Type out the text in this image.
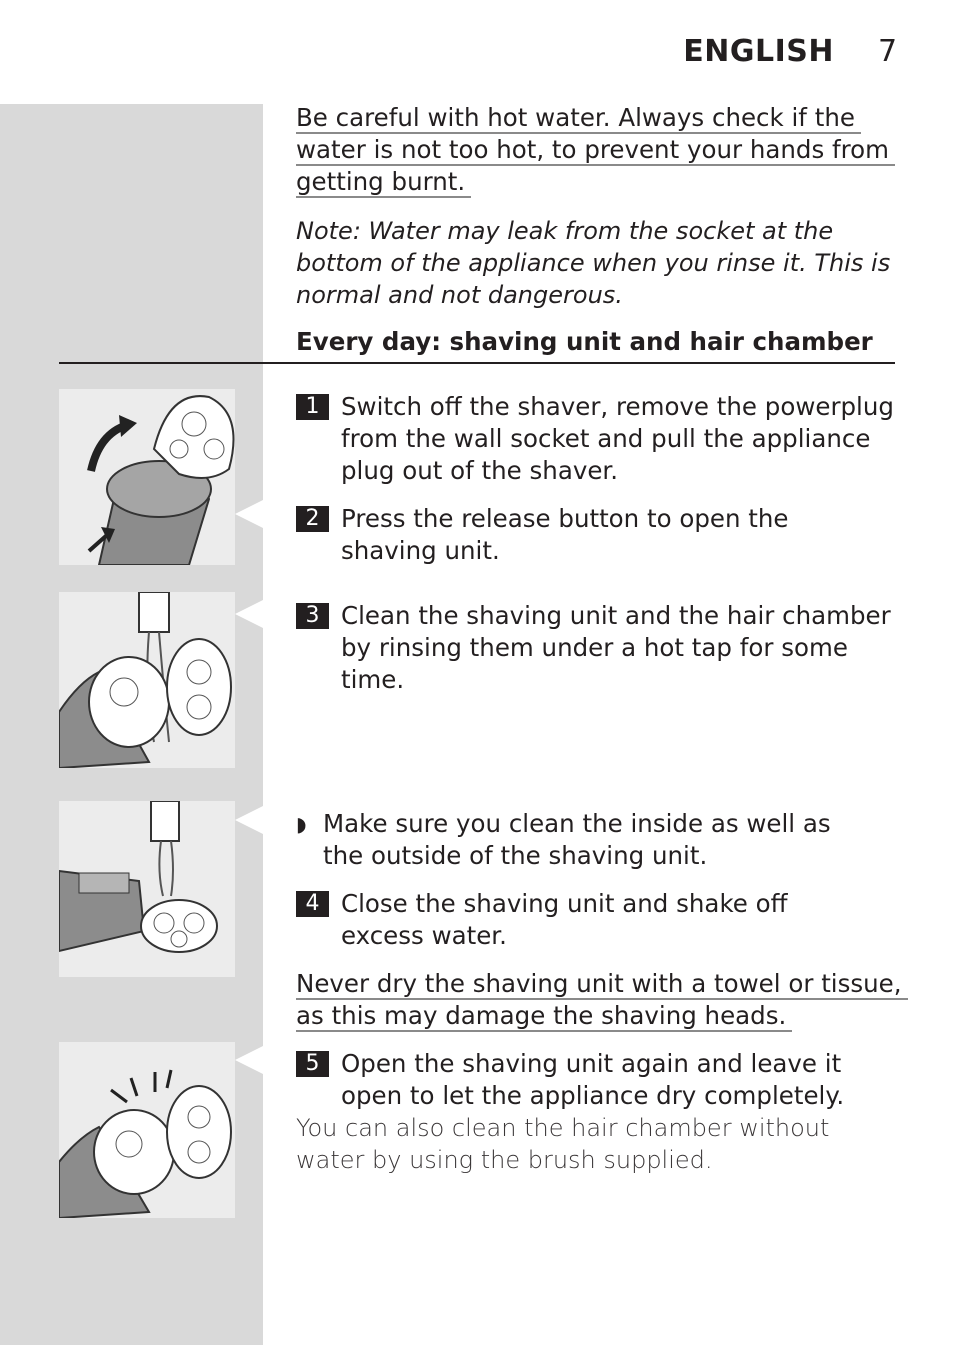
ENGLISH 7
Be careful with hot water. Always check if the
water is not too hot, to prevent your hands from
getting burnt.
Note: Water may leak from the socket at the bottom of the appliance when you rinse it. This is normal and not dangerous.
Every day: shaving unit and hair chamber
1 Switch off the shaver, remove the powerplug from the wall socket and pull the appliance plug out of the shaver.
2 Press the release button to open the shaving unit.
3 Clean the shaving unit and the hair chamber by rinsing them under a hot tap for some time.
◗ Make sure you clean the inside as well as the outside of the shaving unit.
4 Close the shaving unit and shake off excess water.
Never dry the shaving unit with a towel or tissue,
as this may damage the shaving heads.
5 Open the shaving unit again and leave it open to let the appliance dry completely.
You can also clean the hair chamber without water by using the brush supplied.
